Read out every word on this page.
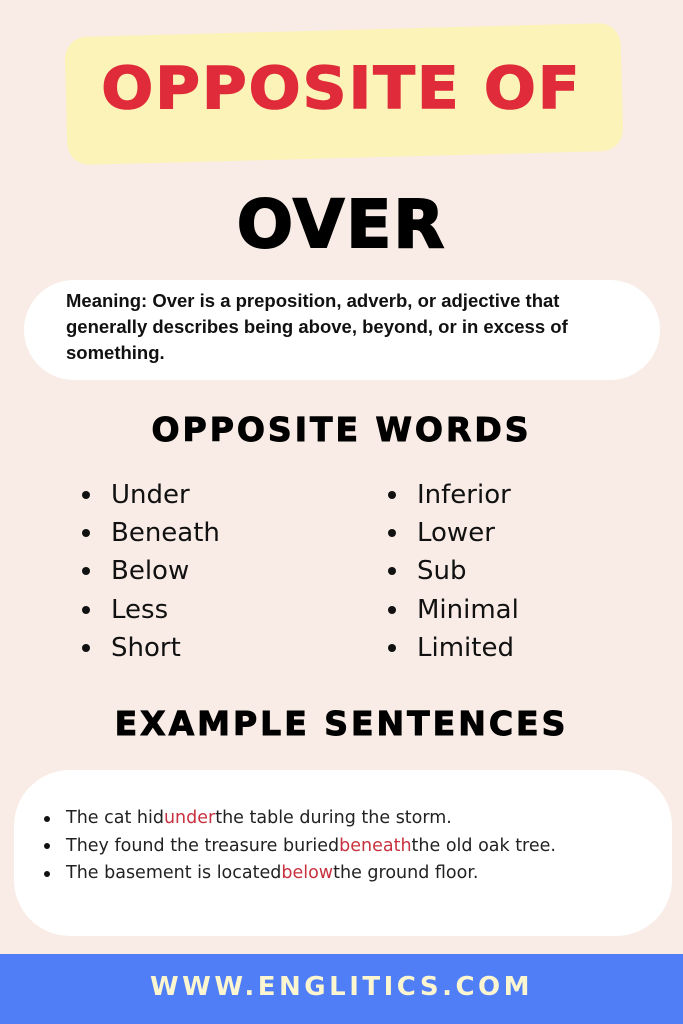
OPPOSITE OF
OVER

Meaning: Over is a preposition, adverb, or adjective that generally describes being above, beyond, or in excess of something.

OPPOSITE WORDS
Under
Beneath
Below
Less
Short
Inferior
Lower
Sub
Minimal
Limited
EXAMPLE SENTENCES
The cat hid under the table during the storm.
They found the treasure buried beneath the old oak tree.
The basement is located below the ground floor.
WWW.ENGLITICS.COM
